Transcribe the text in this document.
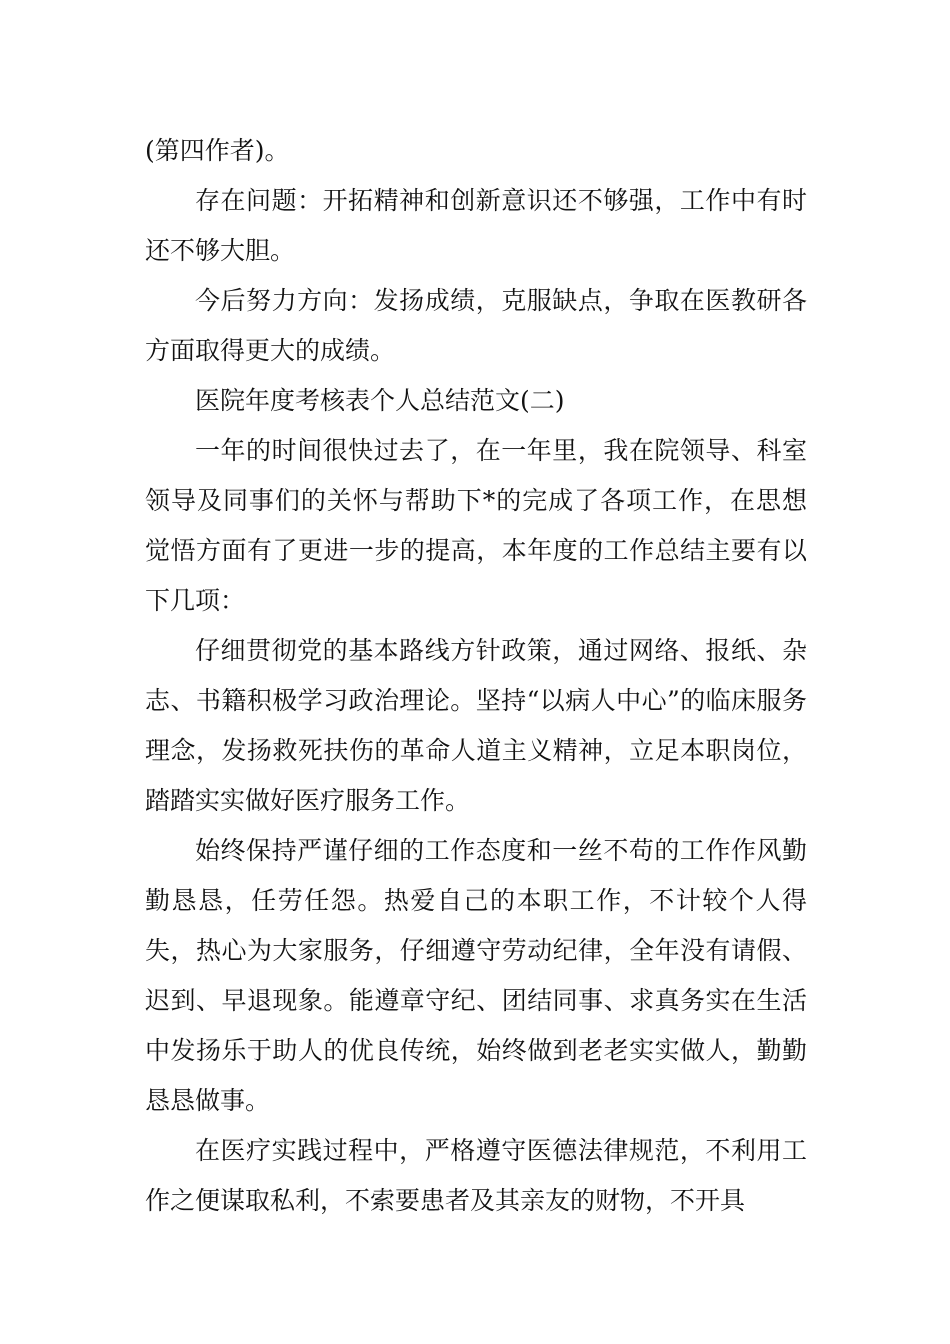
(第四作者)。

存在问题：开拓精神和创新意识还不够强，工作中有时还不够大胆。

今后努力方向：发扬成绩，克服缺点，争取在医教研各方面取得更大的成绩。

医院年度考核表个人总结范文(二)

一年的时间很快过去了，在一年里，我在院领导、科室领导及同事们的关怀与帮助下*的完成了各项工作，在思想觉悟方面有了更进一步的提高，本年度的工作总结主要有以下几项：

仔细贯彻党的基本路线方针政策，通过网络、报纸、杂志、书籍积极学习政治理论。坚持“以病人中心”的临床服务理念，发扬救死扶伤的革命人道主义精神，立足本职岗位，踏踏实实做好医疗服务工作。

始终保持严谨仔细的工作态度和一丝不苟的工作作风勤勤恳恳，任劳任怨。热爱自己的本职工作，不计较个人得失，热心为大家服务，仔细遵守劳动纪律，全年没有请假、迟到、早退现象。能遵章守纪、团结同事、求真务实在生活中发扬乐于助人的优良传统，始终做到老老实实做人，勤勤恳恳做事。

在医疗实践过程中，严格遵守医德法律规范，不利用工作之便谋取私利，不索要患者及其亲友的财物，不开具
